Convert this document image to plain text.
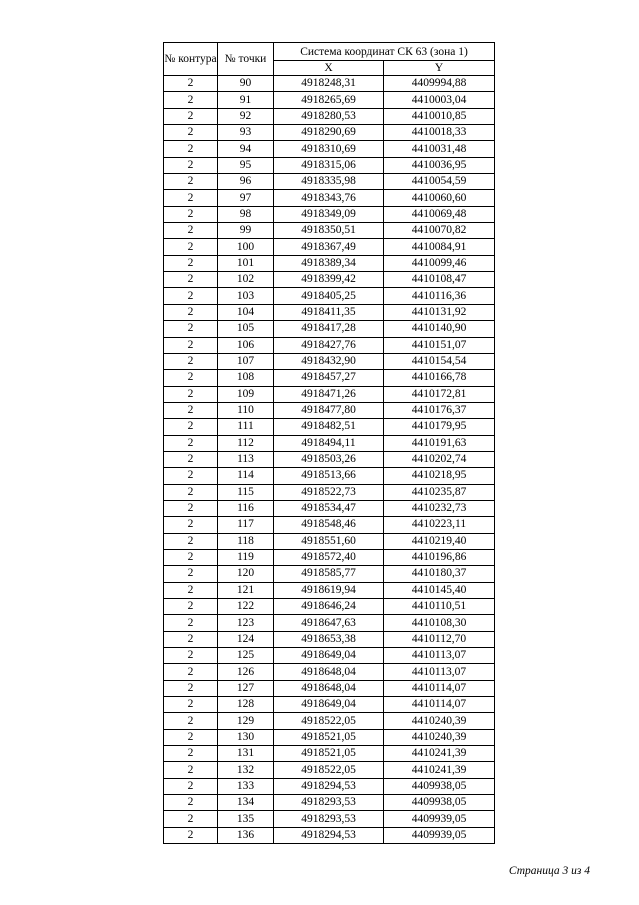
№ контура	№ точки	Система координат СК 63 (зона 1)	
		X	Y
2	90	4918248,31	4409994,88
2	91	4918265,69	4410003,04
2	92	4918280,53	4410010,85
2	93	4918290,69	4410018,33
2	94	4918310,69	4410031,48
2	95	4918315,06	4410036,95
2	96	4918335,98	4410054,59
2	97	4918343,76	4410060,60
2	98	4918349,09	4410069,48
2	99	4918350,51	4410070,82
2	100	4918367,49	4410084,91
2	101	4918389,34	4410099,46
2	102	4918399,42	4410108,47
2	103	4918405,25	4410116,36
2	104	4918411,35	4410131,92
2	105	4918417,28	4410140,90
2	106	4918427,76	4410151,07
2	107	4918432,90	4410154,54
2	108	4918457,27	4410166,78
2	109	4918471,26	4410172,81
2	110	4918477,80	4410176,37
2	111	4918482,51	4410179,95
2	112	4918494,11	4410191,63
2	113	4918503,26	4410202,74
2	114	4918513,66	4410218,95
2	115	4918522,73	4410235,87
2	116	4918534,47	4410232,73
2	117	4918548,46	4410223,11
2	118	4918551,60	4410219,40
2	119	4918572,40	4410196,86
2	120	4918585,77	4410180,37
2	121	4918619,94	4410145,40
2	122	4918646,24	4410110,51
2	123	4918647,63	4410108,30
2	124	4918653,38	4410112,70
2	125	4918649,04	4410113,07
2	126	4918648,04	4410113,07
2	127	4918648,04	4410114,07
2	128	4918649,04	4410114,07
2	129	4918522,05	4410240,39
2	130	4918521,05	4410240,39
2	131	4918521,05	4410241,39
2	132	4918522,05	4410241,39
2	133	4918294,53	4409938,05
2	134	4918293,53	4409938,05
2	135	4918293,53	4409939,05
2	136	4918294,53	4409939,05
Страница 3 из 4
